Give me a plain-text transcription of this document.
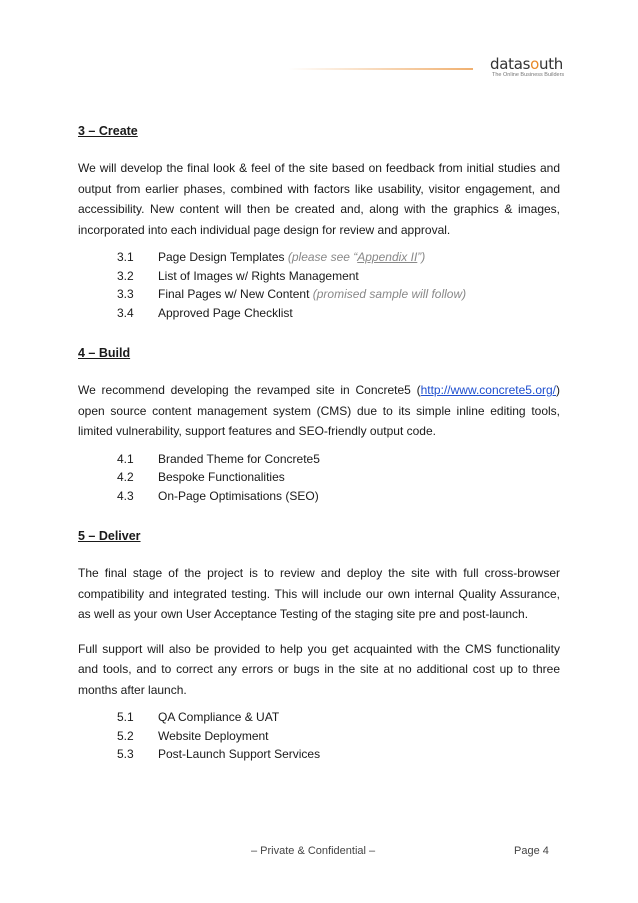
datasouth
The Online Business Builders
3 – Create

We will develop the final look & feel of the site based on feedback from initial studies and output from earlier phases, combined with factors like usability, visitor engagement, and accessibility. New content will then be created and, along with the graphics & images, incorporated into each individual page design for review and approval.

3.1	Page Design Templates (please see “Appendix II”)
3.2	List of Images w/ Rights Management
3.3	Final Pages w/ New Content (promised sample will follow)
3.4	Approved Page Checklist
4 – Build

We recommend developing the revamped site in Concrete5 (http://www.concrete5.org/) open source content management system (CMS) due to its simple inline editing tools, limited vulnerability, support features and SEO-friendly output code.

4.1	Branded Theme for Concrete5
4.2	Bespoke Functionalities
4.3	On-Page Optimisations (SEO)
5 – Deliver

The final stage of the project is to review and deploy the site with full cross-browser compatibility and integrated testing. This will include our own internal Quality Assurance, as well as your own User Acceptance Testing of the staging site pre and post-launch.

Full support will also be provided to help you get acquainted with the CMS functionality and tools, and to correct any errors or bugs in the site at no additional cost up to three months after launch.

5.1	QA Compliance & UAT
5.2	Website Deployment
5.3	Post-Launch Support Services
– Private & Confidential –	Page 4
